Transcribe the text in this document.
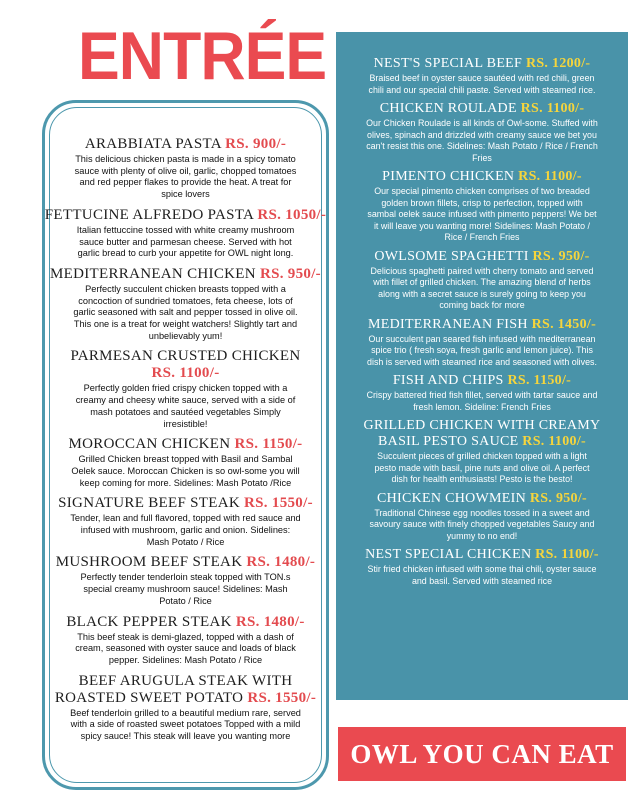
ENTRÉE
ARABBIATA PASTA RS. 900/-
This delicious chicken pasta is made in a spicy tomato sauce with plenty of olive oil, garlic, chopped tomatoes and red pepper flakes to provide the heat. A treat for spice lovers
FETTUCINE ALFREDO PASTA RS. 1050/-
Italian fettuccine tossed with white creamy mushroom sauce butter and parmesan cheese. Served with hot garlic bread to curb your appetite for OWL night long.
MEDITERRANEAN CHICKEN RS. 950/-
Perfectly succulent chicken breasts topped with a concoction of sundried tomatoes, feta cheese, lots of garlic seasoned with salt and pepper tossed in olive oil. This one is a treat for weight watchers! Slightly tart and unbelievably yum!
PARMESAN CRUSTED CHICKEN RS. 1100/-
Perfectly golden fried crispy chicken topped with a creamy and cheesy white sauce, served with a side of mash potatoes and sautéed vegetables Simply irresistible!
MOROCCAN CHICKEN RS. 1150/-
Grilled Chicken breast topped with Basil and Sambal Oelek sauce. Moroccan Chicken is so owl-some you will keep coming for more. Sidelines: Mash Potato /Rice
SIGNATURE BEEF STEAK RS. 1550/-
Tender, lean and full flavored, topped with red sauce and infused with mushroom, garlic and onion. Sidelines: Mash Potato / Rice
MUSHROOM BEEF STEAK RS. 1480/-
Perfectly tender tenderloin steak topped with TON.s special creamy mushroom sauce! Sidelines: Mash Potato / Rice
BLACK PEPPER STEAK RS. 1480/-
This beef steak is demi-glazed, topped with a dash of cream, seasoned with oyster sauce and loads of black pepper. Sidelines: Mash Potato / Rice
BEEF ARUGULA STEAK WITH ROASTED SWEET POTATO RS. 1550/-
Beef tenderloin grilled to a beautiful medium rare, served with a side of roasted sweet potatoes Topped with a mild spicy sauce! This steak will leave you wanting more
NEST'S SPECIAL BEEF RS. 1200/-
Braised beef in oyster sauce sautéed with red chili, green chili and our special chili paste. Served with steamed rice.
CHICKEN ROULADE RS. 1100/-
Our Chicken Roulade is all kinds of Owl-some. Stuffed with olives, spinach and drizzled with creamy sauce we bet you can't resist this one. Sidelines: Mash Potato / Rice / French Fries
PIMENTO CHICKEN RS. 1100/-
Our special pimento chicken comprises of two breaded golden brown fillets, crisp to perfection, topped with sambal oelek sauce infused with pimento peppers! We bet it will leave you wanting more! Sidelines: Mash Potato / Rice / French Fries
OWLSOME SPAGHETTI RS. 950/-
Delicious spaghetti paired with cherry tomato and served with fillet of grilled chicken. The amazing blend of herbs along with a secret sauce is surely going to keep you coming back for more
MEDITERRANEAN FISH RS. 1450/-
Our succulent pan seared fish infused with mediterranean spice trio ( fresh soya, fresh garlic and lemon juice). This dish is served with steamed rice and seasoned with olives.
FISH AND CHIPS RS. 1150/-
Crispy battered fried fish fillet, served with tartar sauce and fresh lemon. Sideline: French Fries
GRILLED CHICKEN WITH CREAMY BASIL PESTO SAUCE RS. 1100/-
Succulent pieces of grilled chicken topped with a light pesto made with basil, pine nuts and olive oil. A perfect dish for health enthusiasts! Pesto is the besto!
CHICKEN CHOWMEIN RS. 950/-
Traditional Chinese egg noodles tossed in a sweet and savoury sauce with finely chopped vegetables Saucy and yummy to no end!
NEST SPECIAL CHICKEN RS. 1100/-
Stir fried chicken infused with some thai chili, oyster sauce and basil. Served with steamed rice
OWL YOU CAN EAT
